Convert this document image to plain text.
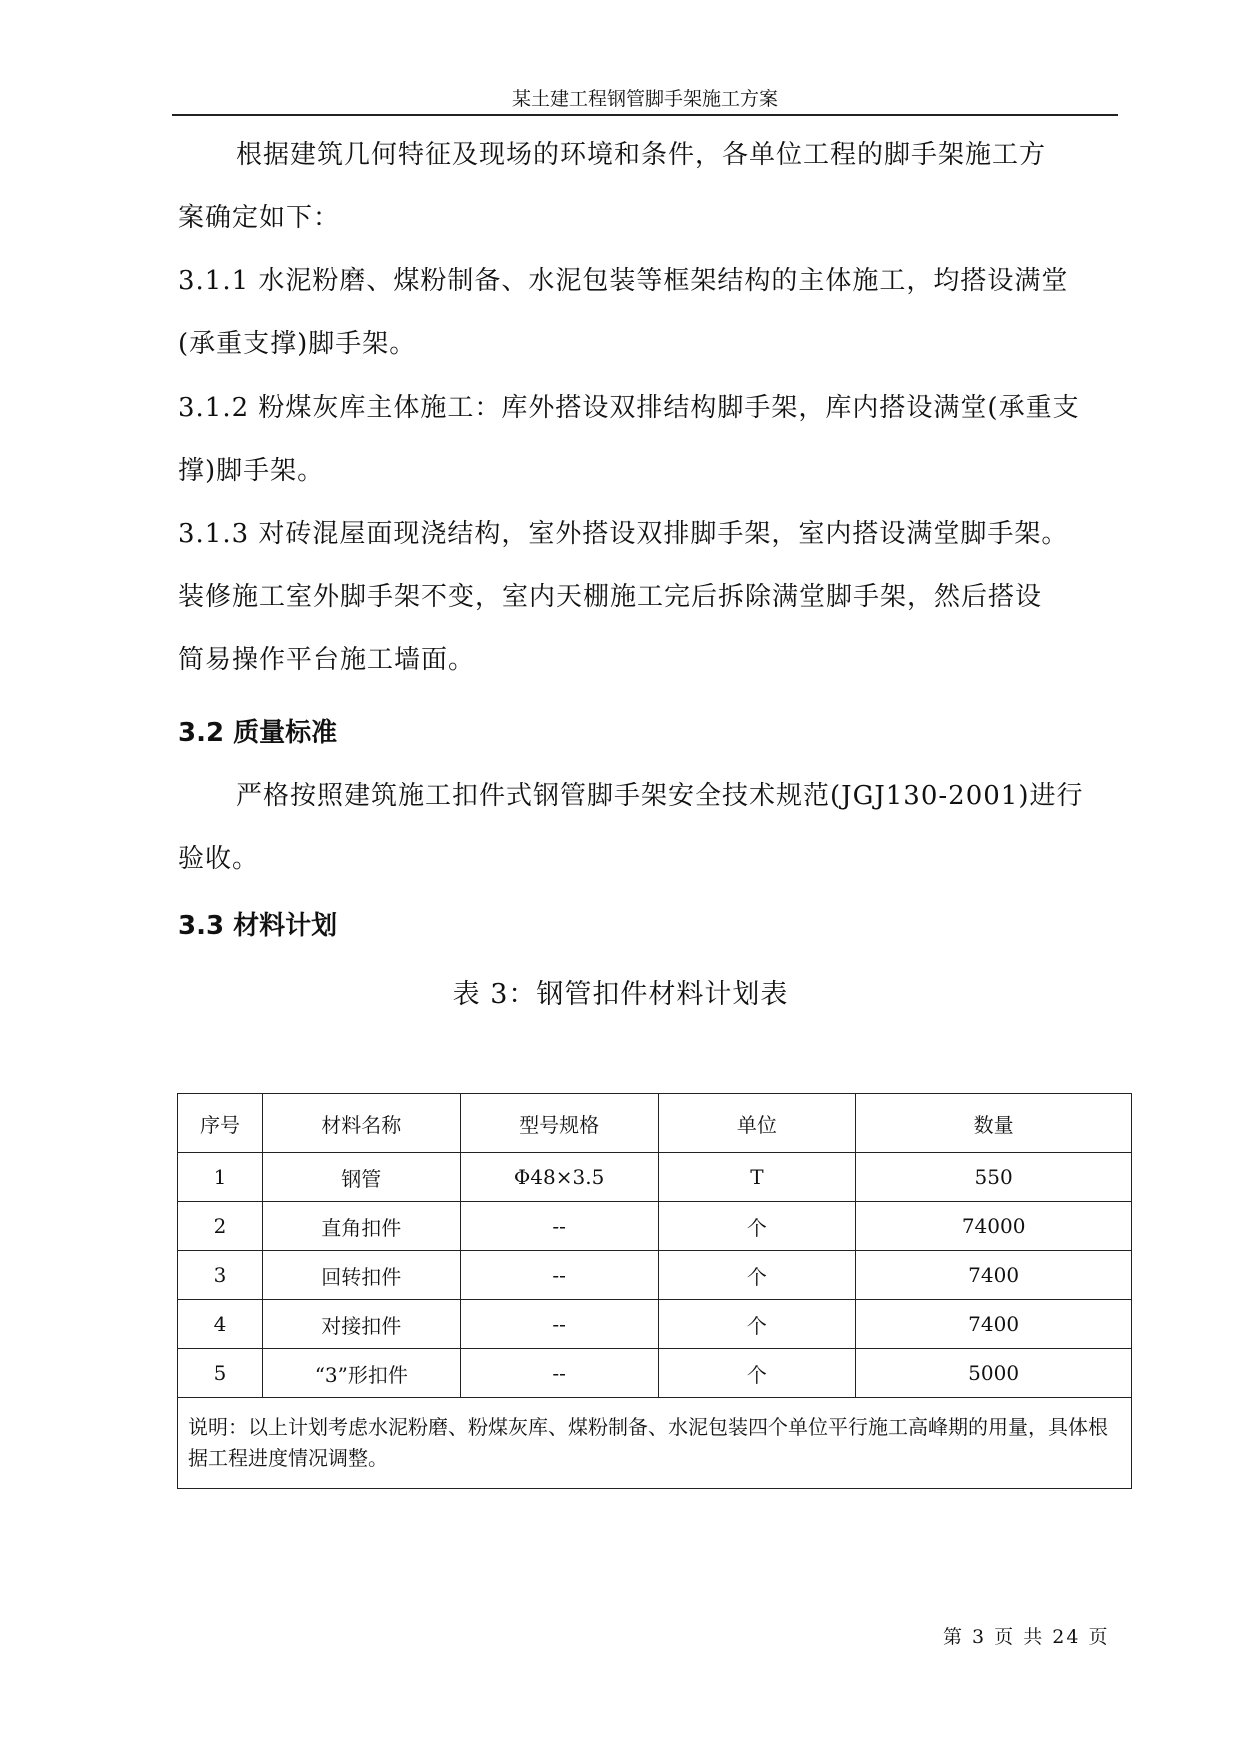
某土建工程钢管脚手架施工方案
根据建筑几何特征及现场的环境和条件，各单位工程的脚手架施工方
案确定如下：
3.1.1 水泥粉磨、煤粉制备、水泥包装等框架结构的主体施工，均搭设满堂
(承重支撑)脚手架。
3.1.2 粉煤灰库主体施工：库外搭设双排结构脚手架，库内搭设满堂(承重支
撑)脚手架。
3.1.3 对砖混屋面现浇结构，室外搭设双排脚手架，室内搭设满堂脚手架。
装修施工室外脚手架不变，室内天棚施工完后拆除满堂脚手架，然后搭设
简易操作平台施工墙面。
3.2 质量标准
严格按照建筑施工扣件式钢管脚手架安全技术规范(JGJ130-2001)进行
验收。
3.3 材料计划
表 3：钢管扣件材料计划表
序号	材料名称	型号规格	单位	数量
1	钢管	Φ48×3.5	T	550
2	直角扣件	--	个	74000
3	回转扣件	--	个	7400
4	对接扣件	--	个	7400
5	“3”形扣件	--	个	5000
说明：以上计划考虑水泥粉磨、粉煤灰库、煤粉制备、水泥包装四个单位平行施工高峰期的用量，具体根据工程进度情况调整。				
第 3 页 共 24 页
